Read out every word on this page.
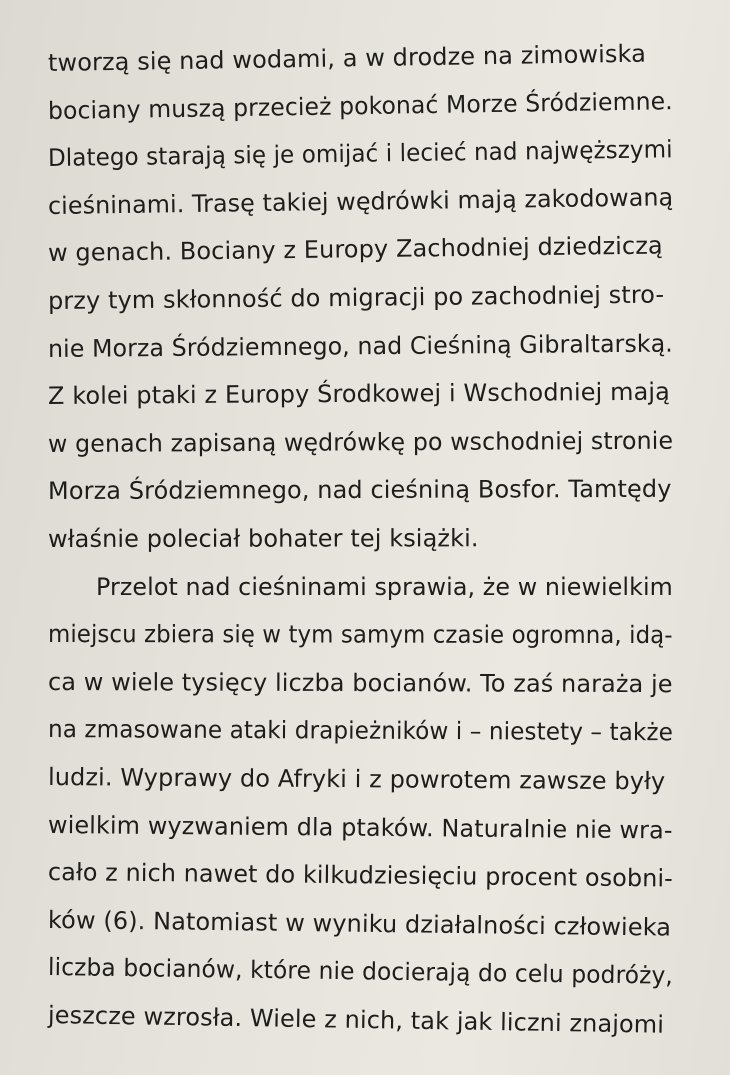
tworzą się nad wodami, a w drodze na zimowiska
bociany muszą przecież pokonać Morze Śródziemne.
Dlatego starają się je omijać i lecieć nad najwęższymi
cieśninami. Trasę takiej wędrówki mają zakodowaną
w genach. Bociany z Europy Zachodniej dziedziczą
przy tym skłonność do migracji po zachodniej stro-
nie Morza Śródziemnego, nad Cieśniną Gibraltarską.
Z kolei ptaki z Europy Środkowej i Wschodniej mają
w genach zapisaną wędrówkę po wschodniej stronie
Morza Śródziemnego, nad cieśniną Bosfor. Tamtędy
właśnie poleciał bohater tej książki.
Przelot nad cieśninami sprawia, że w niewielkim
miejscu zbiera się w tym samym czasie ogromna, idą-
ca w wiele tysięcy liczba bocianów. To zaś naraża je
na zmasowane ataki drapieżników i – niestety – także
ludzi. Wyprawy do Afryki i z powrotem zawsze były
wielkim wyzwaniem dla ptaków. Naturalnie nie wra-
cało z nich nawet do kilkudziesięciu procent osobni-
ków (6). Natomiast w wyniku działalności człowieka
liczba bocianów, które nie docierają do celu podróży,
jeszcze wzrosła. Wiele z nich, tak jak liczni znajomi
